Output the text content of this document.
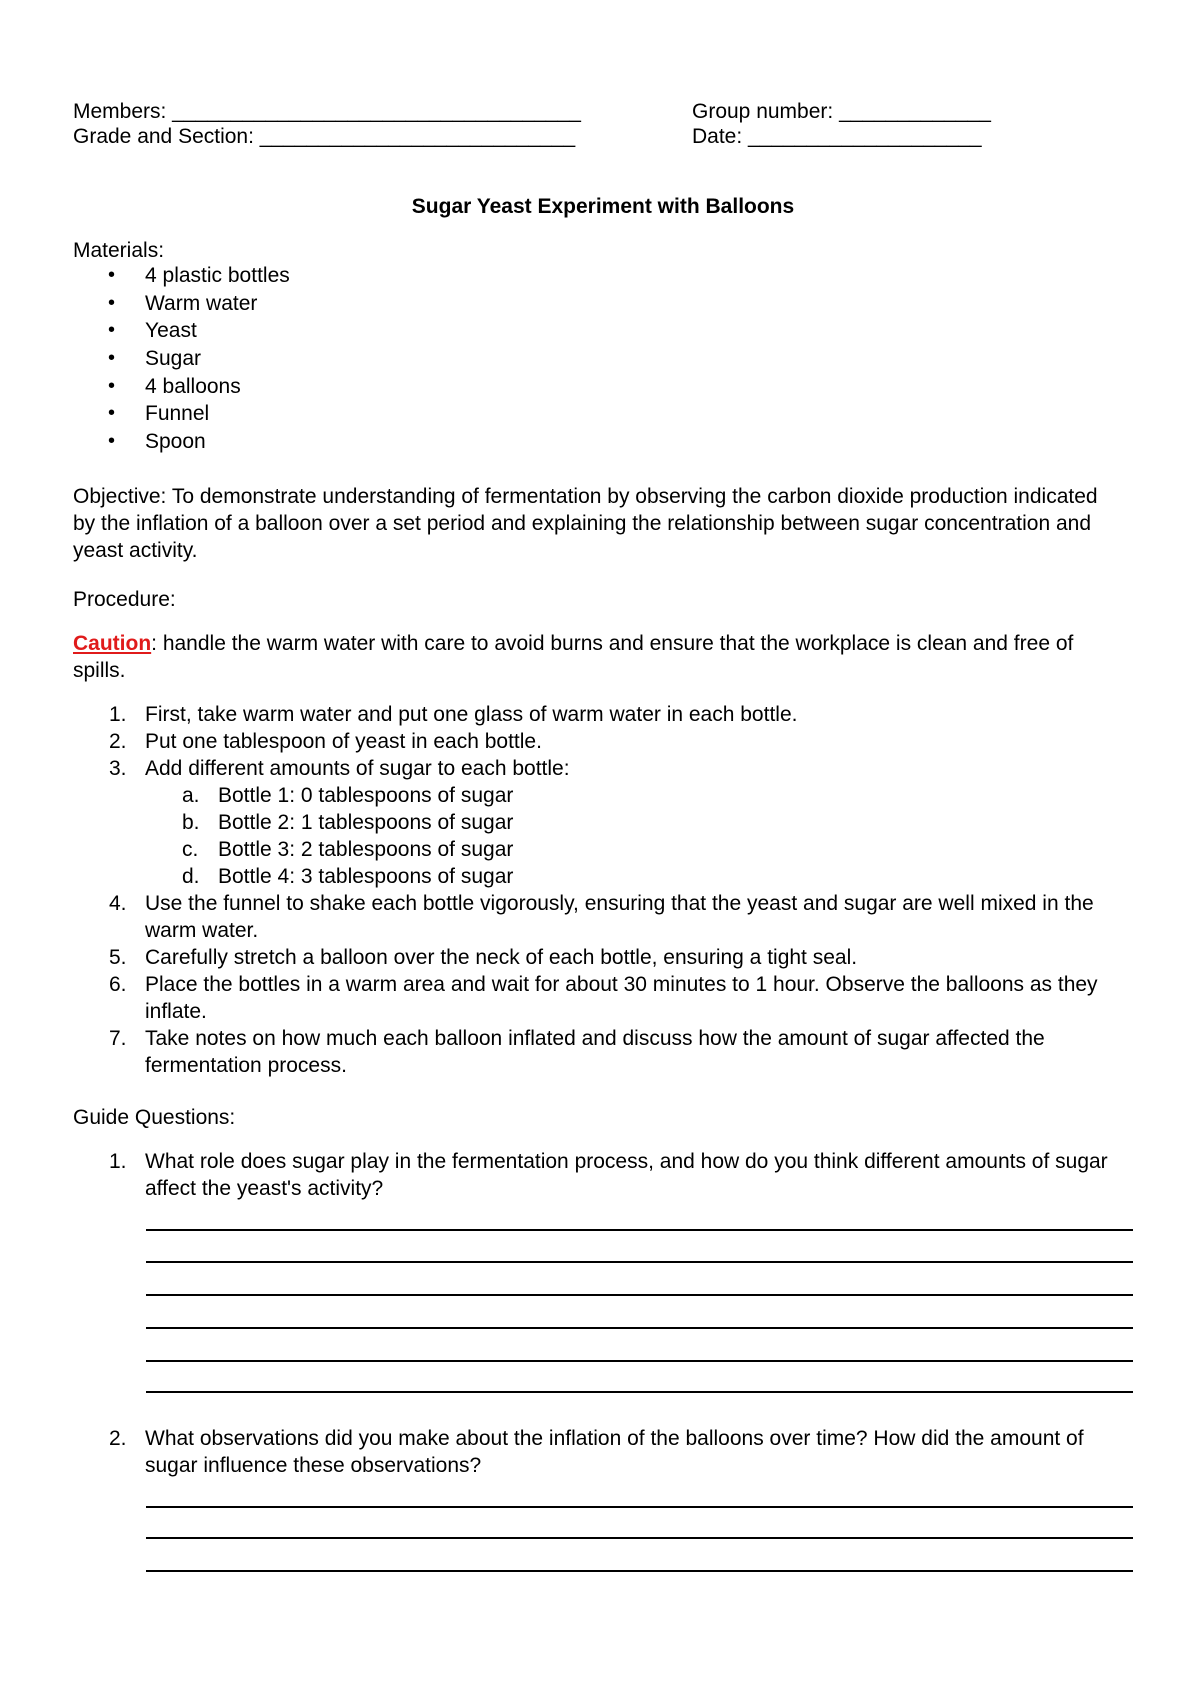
Members: ___________________________________	Group number: _____________
Grade and Section: ___________________________	Date: ____________________
Sugar Yeast Experiment with Balloons
Materials:
• 4 plastic bottles
• Warm water
• Yeast
• Sugar
• 4 balloons
• Funnel
• Spoon
Objective: To demonstrate understanding of fermentation by observing the carbon dioxide production indicated by the inflation of a balloon over a set period and explaining the relationship between sugar concentration and yeast activity.
Procedure:
Caution: handle the warm water with care to avoid burns and ensure that the workplace is clean and free of spills.
1. First, take warm water and put one glass of warm water in each bottle.
2. Put one tablespoon of yeast in each bottle.
3. Add different amounts of sugar to each bottle:
a. Bottle 1: 0 tablespoons of sugar
b. Bottle 2: 1 tablespoons of sugar
c. Bottle 3: 2 tablespoons of sugar
d. Bottle 4: 3 tablespoons of sugar
4. Use the funnel to shake each bottle vigorously, ensuring that the yeast and sugar are well mixed in the warm water.
5. Carefully stretch a balloon over the neck of each bottle, ensuring a tight seal.
6. Place the bottles in a warm area and wait for about 30 minutes to 1 hour. Observe the balloons as they inflate.
7. Take notes on how much each balloon inflated and discuss how the amount of sugar affected the fermentation process.
Guide Questions:
1. What role does sugar play in the fermentation process, and how do you think different amounts of sugar affect the yeast's activity?
2. What observations did you make about the inflation of the balloons over time? How did the amount of sugar influence these observations?
